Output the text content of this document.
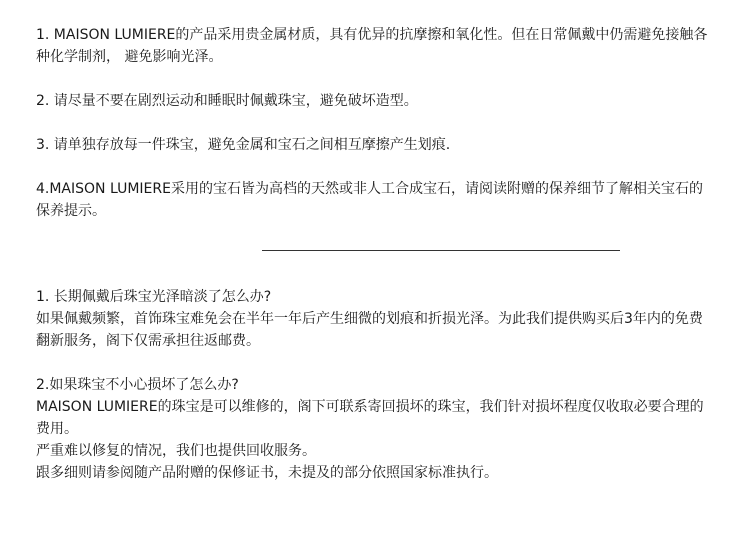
1. MAISON LUMIERE的产品采用贵金属材质，具有优异的抗摩擦和氧化性。但在日常佩戴中仍需避免接触各种化学制剂， 避免影响光泽。

2. 请尽量不要在剧烈运动和睡眠时佩戴珠宝，避免破坏造型。

3. 请单独存放每一件珠宝，避免金属和宝石之间相互摩擦产生划痕.

4.MAISON LUMIERE采用的宝石皆为高档的天然或非人工合成宝石，请阅读附赠的保养细节了解相关宝石的保养提示。

1. 长期佩戴后珠宝光泽暗淡了怎么办?

如果佩戴频繁，首饰珠宝难免会在半年一年后产生细微的划痕和折损光泽。为此我们提供购买后3年内的免费翻新服务，阁下仅需承担往返邮费。

2.如果珠宝不小心损坏了怎么办?

MAISON LUMIERE的珠宝是可以维修的，阁下可联系寄回损坏的珠宝，我们针对损坏程度仅收取必要合理的费用。

严重难以修复的情况，我们也提供回收服务。

跟多细则请参阅随产品附赠的保修证书，未提及的部分依照国家标准执行。
